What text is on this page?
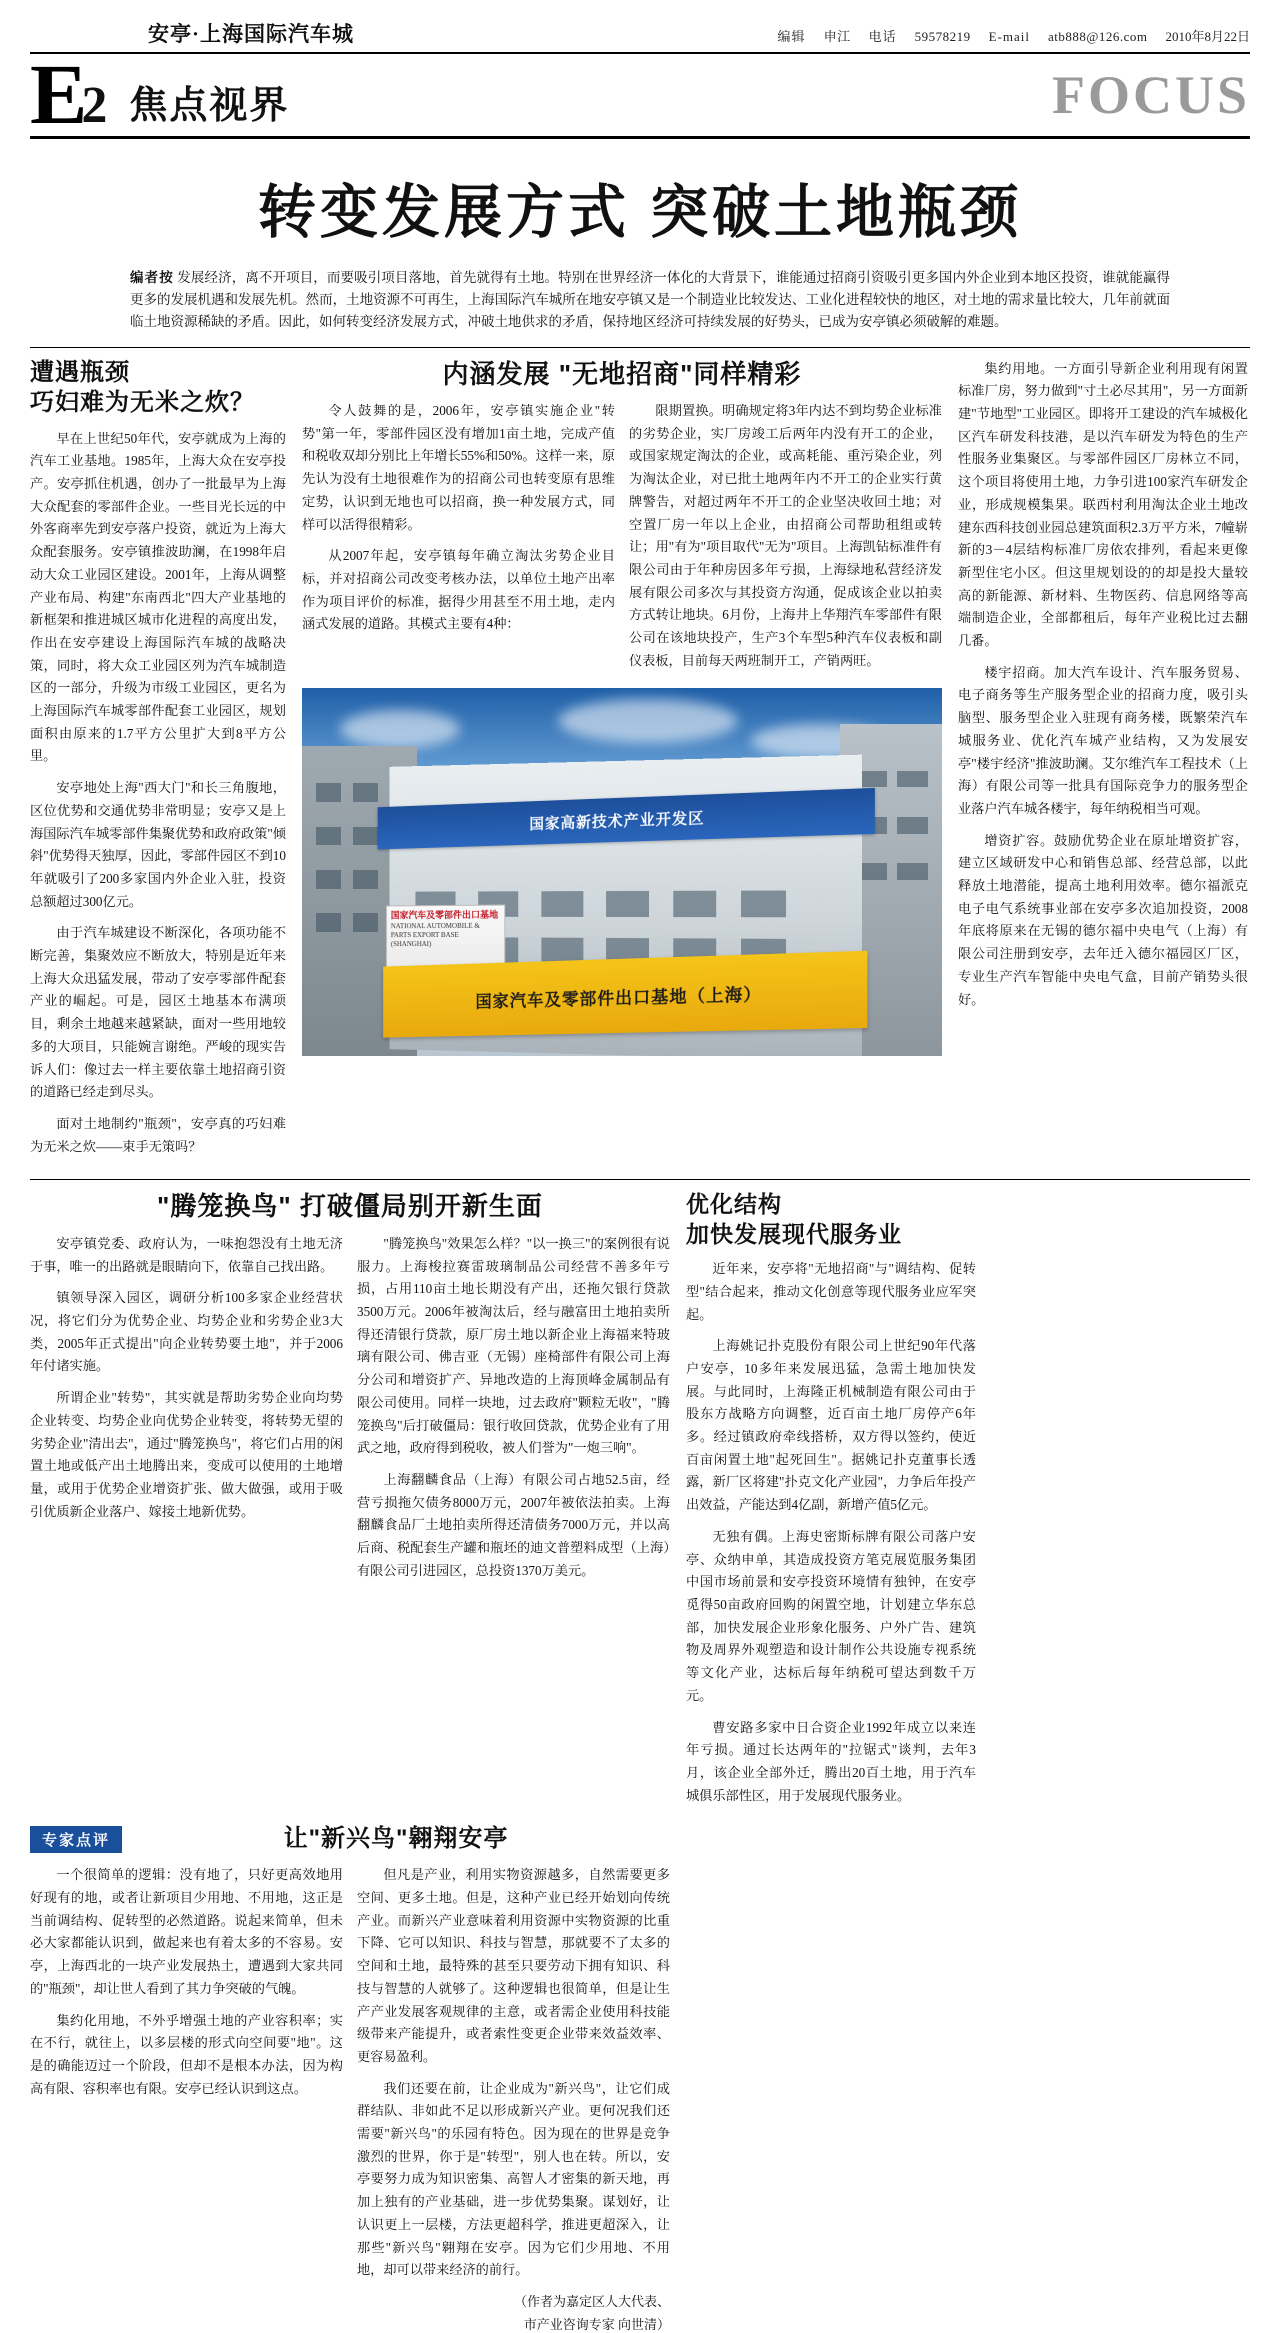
安亭·上海国际汽车城	编辑 申江 电话 59578219 E-mail atb888@126.com 2010年8月22日
E
2 焦点视界	FOCUS
转变发展方式 突破土地瓶颈
编者按 发展经济，离不开项目，而要吸引项目落地，首先就得有土地。特别在世界经济一体化的大背景下，谁能通过招商引资吸引更多国内外企业到本地区投资，谁就能赢得更多的发展机遇和发展先机。然而，土地资源不可再生，上海国际汽车城所在地安亭镇又是一个制造业比较发达、工业化进程较快的地区，对土地的需求量比较大，几年前就面临土地资源稀缺的矛盾。因此，如何转变经济发展方式，冲破土地供求的矛盾，保持地区经济可持续发展的好势头，已成为安亭镇必须破解的难题。
遭遇瓶颈
巧妇难为无米之炊？

早在上世纪50年代，安亭就成为上海的汽车工业基地。1985年，上海大众在安亭投产。安亭抓住机遇，创办了一批最早为上海大众配套的零部件企业。一些目光长远的中外客商率先到安亭落户投资，就近为上海大众配套服务。安亭镇推波助澜，在1998年启动大众工业园区建设。2001年，上海从调整产业布局、构建"东南西北"四大产业基地的新框架和推进城区城市化进程的高度出发，作出在安亭建设上海国际汽车城的战略决策，同时，将大众工业园区列为汽车城制造区的一部分，升级为市级工业园区，更名为上海国际汽车城零部件配套工业园区，规划面积由原来的1.7平方公里扩大到8平方公里。

安亭地处上海"西大门"和长三角腹地，区位优势和交通优势非常明显；安亭又是上海国际汽车城零部件集聚优势和政府政策"倾斜"优势得天独厚，因此，零部件园区不到10年就吸引了200多家国内外企业入驻，投资总额超过300亿元。

由于汽车城建设不断深化，各项功能不断完善，集聚效应不断放大，特别是近年来上海大众迅猛发展，带动了安亭零部件配套产业的崛起。可是，园区土地基本布满项目，剩余土地越来越紧缺，面对一些用地较多的大项目，只能婉言谢绝。严峻的现实告诉人们：像过去一样主要依靠土地招商引资的道路已经走到尽头。

面对土地制约"瓶颈"，安亭真的巧妇难为无米之炊——束手无策吗？

内涵发展 "无地招商"同样精彩

令人鼓舞的是，2006年，安亭镇实施企业"转势"第一年，零部件园区没有增加1亩土地，完成产值和税收双却分别比上年增长55%和50%。这样一来，原先认为没有土地很难作为的招商公司也转变原有思维定势，认识到无地也可以招商，换一种发展方式，同样可以活得很精彩。

从2007年起，安亭镇每年确立淘汰劣势企业目标，并对招商公司改变考核办法，以单位土地产出率作为项目评价的标准，据得少用甚至不用土地，走内涵式发展的道路。其模式主要有4种：

限期置换。明确规定将3年内达不到均势企业标准的劣势企业，实厂房竣工后两年内没有开工的企业，或国家规定淘汰的企业，或高耗能、重污染企业，列为淘汰企业，对已批土地两年内不开工的企业实行黄牌警告，对超过两年不开工的企业坚决收回土地；对空置厂房一年以上企业，由招商公司帮助租组或转让；用"有为"项目取代"无为"项目。上海凯钻标准件有限公司由于年种房因多年亏损，上海绿地私营经济发展有限公司多次与其投资方沟通，促成该企业以拍卖方式转让地块。6月份，上海井上华翔汽车零部件有限公司在该地块投产，生产3个车型5种汽车仪表板和副仪表板，目前每天两班制开工，产销两旺。

国家高新技术产业开发区
国家汽车及零部件出口基地
NATIONAL AUTOMOBILE & PARTS EXPORT BASE (SHANGHAI)
国家汽车及零部件出口基地（上海）

集约用地。一方面引导新企业利用现有闲置标准厂房，努力做到"寸土必尽其用"，另一方面新建"节地型"工业园区。即将开工建设的汽车城极化区汽车研发科技港，是以汽车研发为特色的生产性服务业集聚区。与零部件园区厂房林立不同，这个项目将使用土地，力争引进100家汽车研发企业，形成规模集果。联西村利用淘汰企业土地改建东西科技创业园总建筑面积2.3万平方米，7幢崭新的3－4层结构标准厂房依农排列，看起来更像新型住宅小区。但这里规划设的的却是投大量较高的新能源、新材料、生物医药、信息网络等高端制造企业，全部都租后，每年产业税比过去翻几番。

楼宇招商。加大汽车设计、汽车服务贸易、电子商务等生产服务型企业的招商力度，吸引头脑型、服务型企业入驻现有商务楼，既繁荣汽车城服务业、优化汽车城产业结构，又为发展安亭"楼宇经济"推波助澜。艾尔维汽车工程技术（上海）有限公司等一批具有国际竞争力的服务型企业落户汽车城各楼宇，每年纳税相当可观。

增资扩容。鼓励优势企业在原址增资扩容，建立区域研发中心和销售总部、经营总部，以此释放土地潜能，提高土地利用效率。德尔福派克电子电气系统事业部在安亭多次追加投资，2008年底将原来在无锡的德尔福中央电气（上海）有限公司注册到安亭，去年迁入德尔福园区厂区，专业生产汽车智能中央电气盒，目前产销势头很好。

"腾笼换鸟" 打破僵局别开新生面

安亭镇党委、政府认为，一味抱怨没有土地无济于事，唯一的出路就是眼睛向下，依靠自己找出路。

镇领导深入园区，调研分析100多家企业经营状况，将它们分为优势企业、均势企业和劣势企业3大类，2005年正式提出"向企业转势要土地"，并于2006年付诸实施。

所谓企业"转势"，其实就是帮助劣势企业向均势企业转变、均势企业向优势企业转变，将转势无望的劣势企业"清出去"，通过"腾笼换鸟"，将它们占用的闲置土地或低产出土地腾出来，变成可以使用的土地增量，或用于优势企业增资扩张、做大做强，或用于吸引优质新企业落户、嫁接土地新优势。

"腾笼换鸟"效果怎么样？"以一换三"的案例很有说服力。上海梭拉赛雷玻璃制品公司经营不善多年亏损，占用110亩土地长期没有产出，还拖欠银行贷款3500万元。2006年被淘汰后，经与融富田土地拍卖所得还清银行贷款，原厂房土地以新企业上海福来特玻璃有限公司、佛吉亚（无锡）座椅部件有限公司上海分公司和增资扩产、异地改造的上海顶峰金属制品有限公司使用。同样一块地，过去政府"颗粒无收"，"腾笼换鸟"后打破僵局：银行收回贷款，优势企业有了用武之地，政府得到税收，被人们誉为"一炮三响"。

上海翻麟食品（上海）有限公司占地52.5亩，经营亏损拖欠债务8000万元，2007年被依法拍卖。上海翻麟食品厂土地拍卖所得还清债务7000万元，并以高后商、税配套生产罐和瓶坯的迪文普塑料成型（上海）有限公司引进园区，总投资1370万美元。

优化结构
加快发展现代服务业

近年来，安亭将"无地招商"与"调结构、促转型"结合起来，推动文化创意等现代服务业应军突起。

上海姚记扑克股份有限公司上世纪90年代落户安亭，10多年来发展迅猛，急需土地加快发展。与此同时，上海隆正机械制造有限公司由于股东方战略方向调整，近百亩土地厂房停产6年多。经过镇政府牵线搭桥，双方得以签约，使近百亩闲置土地"起死回生"。据姚记扑克董事长透露，新厂区将建"扑克文化产业园"，力争后年投产出效益，产能达到4亿副，新增产值5亿元。

无独有偶。上海史密斯标牌有限公司落户安亭、众纳申单，其造成投资方笔克展览服务集团中国市场前景和安亭投资环境情有独钟，在安亭觅得50亩政府回购的闲置空地，计划建立华东总部，加快发展企业形象化服务、户外广告、建筑物及周界外观塑造和设计制作公共设施专视系统等文化产业，达标后每年纳税可望达到数千万元。

曹安路多家中日合资企业1992年成立以来连年亏损。通过长达两年的"拉锯式"谈判，去年3月，该企业全部外迁，腾出20百土地，用于汽车城俱乐部性区，用于发展现代服务业。

专家点评	让"新兴鸟"翱翔安亭

一个很简单的逻辑：没有地了，只好更高效地用好现有的地，或者让新项目少用地、不用地，这正是当前调结构、促转型的必然道路。说起来简单，但未必大家都能认识到，做起来也有着太多的不容易。安亭，上海西北的一块产业发展热土，遭遇到大家共同的"瓶颈"，却让世人看到了其力争突破的气魄。

集约化用地，不外乎增强土地的产业容积率；实在不行，就往上，以多层楼的形式向空间要"地"。这是的确能迈过一个阶段，但却不是根本办法，因为构高有限、容积率也有限。安亭已经认识到这点。

但凡是产业，利用实物资源越多，自然需要更多空间、更多土地。但是，这种产业已经开始划向传统产业。而新兴产业意味着利用资源中实物资源的比重下降、它可以知识、科技与智慧，那就要不了太多的空间和土地，最特殊的甚至只要劳动下拥有知识、科技与智慧的人就够了。这种逻辑也很简单，但是让生产产业发展客观规律的主意，或者需企业使用科技能级带来产能提升，或者索性变更企业带来效益效率、更容易盈利。

我们还要在前，让企业成为"新兴鸟"，让它们成群结队、非如此不足以形成新兴产业。更何况我们还需要"新兴鸟"的乐园有特色。因为现在的世界是竞争激烈的世界，你于是"转型"，别人也在转。所以，安亭要努力成为知识密集、高智人才密集的新天地，再加上独有的产业基础，进一步优势集聚。谋划好，让认识更上一层楼，方法更超科学，推进更超深入，让那些"新兴鸟"翱翔在安亭。因为它们少用地、不用地，却可以带来经济的前行。

（作者为嘉定区人大代表、
市产业咨询专家 向世清）
